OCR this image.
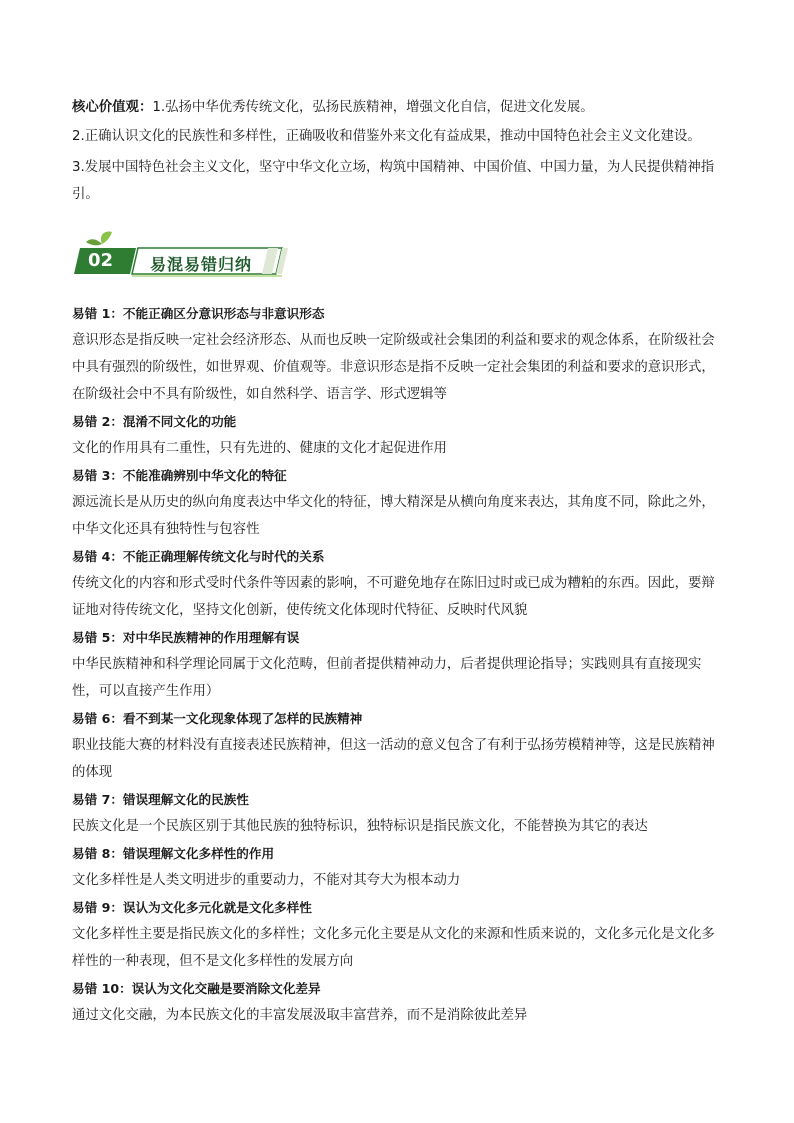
核心价值观：1.弘扬中华优秀传统文化，弘扬民族精神，增强文化自信，促进文化发展。

2.正确认识文化的民族性和多样性，正确吸收和借鉴外来文化有益成果，推动中国特色社会主义文化建设。

3.发展中国特色社会主义文化，坚守中华文化立场，构筑中国精神、中国价值、中国力量，为人民提供精神指引。

02 易混易错归纳

易错 1：不能正确区分意识形态与非意识形态

意识形态是指反映一定社会经济形态、从而也反映一定阶级或社会集团的利益和要求的观念体系，在阶级社会中具有强烈的阶级性，如世界观、价值观等。非意识形态是指不反映一定社会集团的利益和要求的意识形式，在阶级社会中不具有阶级性，如自然科学、语言学、形式逻辑等

易错 2：混淆不同文化的功能

文化的作用具有二重性，只有先进的、健康的文化才起促进作用

易错 3：不能准确辨别中华文化的特征

源远流长是从历史的纵向角度表达中华文化的特征，博大精深是从横向角度来表达，其角度不同，除此之外，中华文化还具有独特性与包容性

易错 4：不能正确理解传统文化与时代的关系

传统文化的内容和形式受时代条件等因素的影响，不可避免地存在陈旧过时或已成为糟粕的东西。因此，要辩证地对待传统文化，坚持文化创新，使传统文化体现时代特征、反映时代风貌

易错 5：对中华民族精神的作用理解有误

中华民族精神和科学理论同属于文化范畴，但前者提供精神动力，后者提供理论指导；实践则具有直接现实性，可以直接产生作用）

易错 6：看不到某一文化现象体现了怎样的民族精神

职业技能大赛的材料没有直接表述民族精神，但这一活动的意义包含了有利于弘扬劳模精神等，这是民族精神的体现

易错 7：错误理解文化的民族性

民族文化是一个民族区别于其他民族的独特标识，独特标识是指民族文化，不能替换为其它的表达

易错 8：错误理解文化多样性的作用

文化多样性是人类文明进步的重要动力，不能对其夸大为根本动力

易错 9：误认为文化多元化就是文化多样性

文化多样性主要是指民族文化的多样性；文化多元化主要是从文化的来源和性质来说的，文化多元化是文化多样性的一种表现，但不是文化多样性的发展方向

易错 10：误认为文化交融是要消除文化差异

通过文化交融，为本民族文化的丰富发展汲取丰富营养，而不是消除彼此差异
